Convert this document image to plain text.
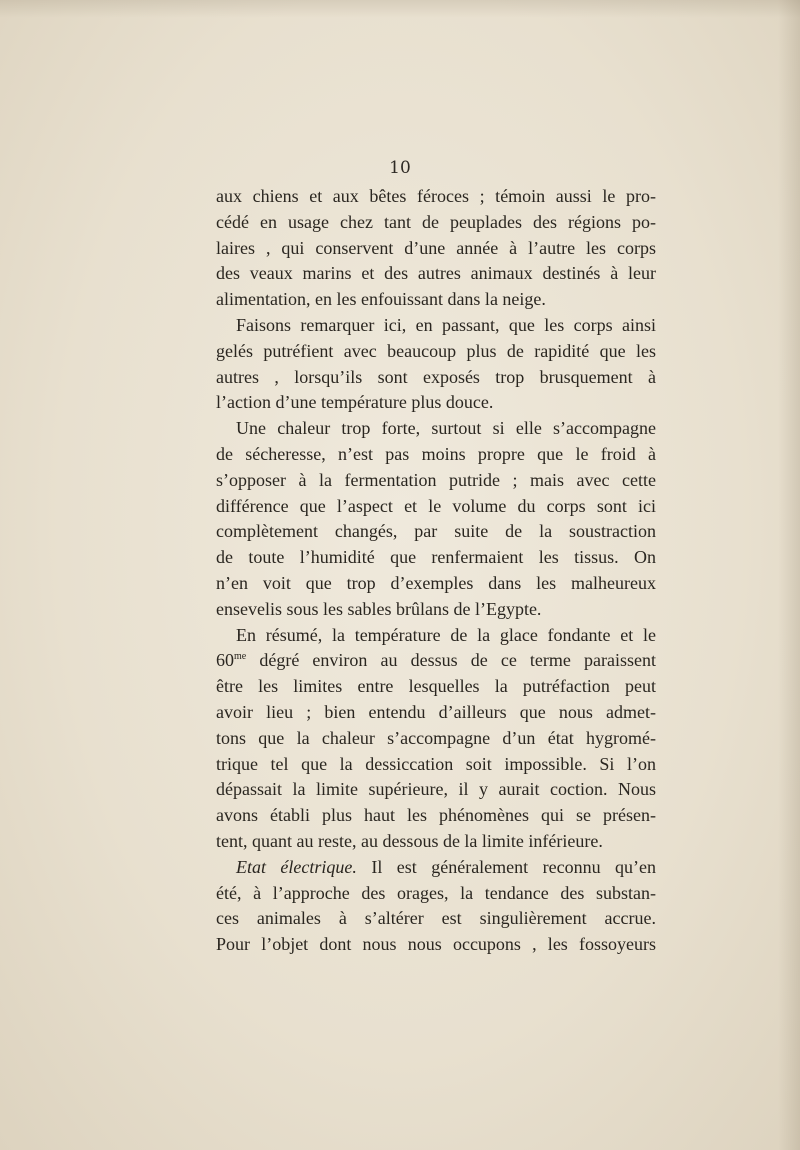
10
aux chiens et aux bêtes féroces ; témoin aussi le pro-
cédé en usage chez tant de peuplades des régions po-
laires , qui conservent d’une année à l’autre les corps
des veaux marins et des autres animaux destinés à leur
alimentation, en les enfouissant dans la neige.
Faisons remarquer ici, en passant, que les corps ainsi
gelés putréfient avec beaucoup plus de rapidité que les
autres , lorsqu’ils sont exposés trop brusquement à
l’action d’une température plus douce.
Une chaleur trop forte, surtout si elle s’accompagne
de sécheresse, n’est pas moins propre que le froid à
s’opposer à la fermentation putride ; mais avec cette
différence que l’aspect et le volume du corps sont ici
complètement changés, par suite de la soustraction
de toute l’humidité que renfermaient les tissus. On
n’en voit que trop d’exemples dans les malheureux
ensevelis sous les sables brûlans de l’Egypte.
En résumé, la température de la glace fondante et le
$60^{me}$ dégré environ au dessus de ce terme paraissent
être les limites entre lesquelles la putréfaction peut
avoir lieu ; bien entendu d’ailleurs que nous admet-
tons que la chaleur s’accompagne d’un état hygromé-
trique tel que la dessiccation soit impossible. Si l’on
dépassait la limite supérieure, il y aurait coction. Nous
avons établi plus haut les phénomènes qui se présen-
tent, quant au reste, au dessous de la limite inférieure.
Etat électrique. Il est généralement reconnu qu’en
été, à l’approche des orages, la tendance des substan-
ces animales à s’altérer est singulièrement accrue.
Pour l’objet dont nous nous occupons , les fossoyeurs
